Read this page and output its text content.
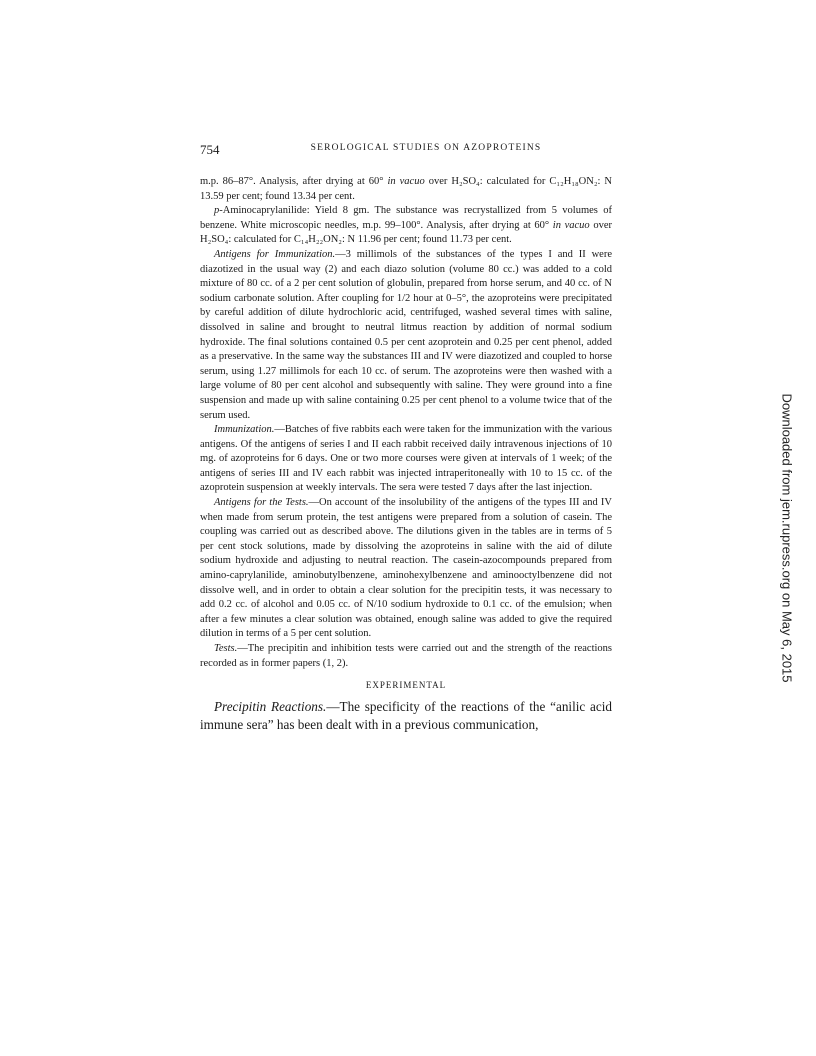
754	SEROLOGICAL STUDIES ON AZOPROTEINS

m.p. 86–87°. Analysis, after drying at 60° in vacuo over H₂SO₄: calculated for C₁₂H₁₈ON₂: N 13.59 per cent; found 13.34 per cent.

p-Aminocaprylanilide: Yield 8 gm. The substance was recrystallized from 5 volumes of benzene. White microscopic needles, m.p. 99–100°. Analysis, after drying at 60° in vacuo over H₂SO₄: calculated for C₁₄H₂₂ON₂: N 11.96 per cent; found 11.73 per cent.

Antigens for Immunization.—3 millimols of the substances of the types I and II were diazotized in the usual way (2) and each diazo solution (volume 80 cc.) was added to a cold mixture of 80 cc. of a 2 per cent solution of globulin, prepared from horse serum, and 40 cc. of N sodium carbonate solution. After coupling for 1/2 hour at 0–5°, the azoproteins were precipitated by careful addition of dilute hydrochloric acid, centrifuged, washed several times with saline, dissolved in saline and brought to neutral litmus reaction by addition of normal sodium hydroxide. The final solutions contained 0.5 per cent azoprotein and 0.25 per cent phenol, added as a preservative. In the same way the substances III and IV were diazotized and coupled to horse serum, using 1.27 millimols for each 10 cc. of serum. The azoproteins were then washed with a large volume of 80 per cent alcohol and subsequently with saline. They were ground into a fine suspension and made up with saline containing 0.25 per cent phenol to a volume twice that of the serum used.

Immunization.—Batches of five rabbits each were taken for the immunization with the various antigens. Of the antigens of series I and II each rabbit received daily intravenous injections of 10 mg. of azoproteins for 6 days. One or two more courses were given at intervals of 1 week; of the antigens of series III and IV each rabbit was injected intraperitoneally with 10 to 15 cc. of the azoprotein suspension at weekly intervals. The sera were tested 7 days after the last injection.

Antigens for the Tests.—On account of the insolubility of the antigens of the types III and IV when made from serum protein, the test antigens were prepared from a solution of casein. The coupling was carried out as described above. The dilutions given in the tables are in terms of 5 per cent stock solutions, made by dissolving the azoproteins in saline with the aid of dilute sodium hydroxide and adjusting to neutral reaction. The casein-azocompounds prepared from amino-caprylanilide, aminobutylbenzene, aminohexylbenzene and aminooctylbenzene did not dissolve well, and in order to obtain a clear solution for the precipitin tests, it was necessary to add 0.2 cc. of alcohol and 0.05 cc. of N/10 sodium hydroxide to 0.1 cc. of the emulsion; when after a few minutes a clear solution was obtained, enough saline was added to give the required dilution in terms of a 5 per cent solution.

Tests.—The precipitin and inhibition tests were carried out and the strength of the reactions recorded as in former papers (1, 2).

EXPERIMENTAL

Precipitin Reactions.—The specificity of the reactions of the “anilic acid immune sera” has been dealt with in a previous communication,

Downloaded from jem.rupress.org on May 6, 2015
